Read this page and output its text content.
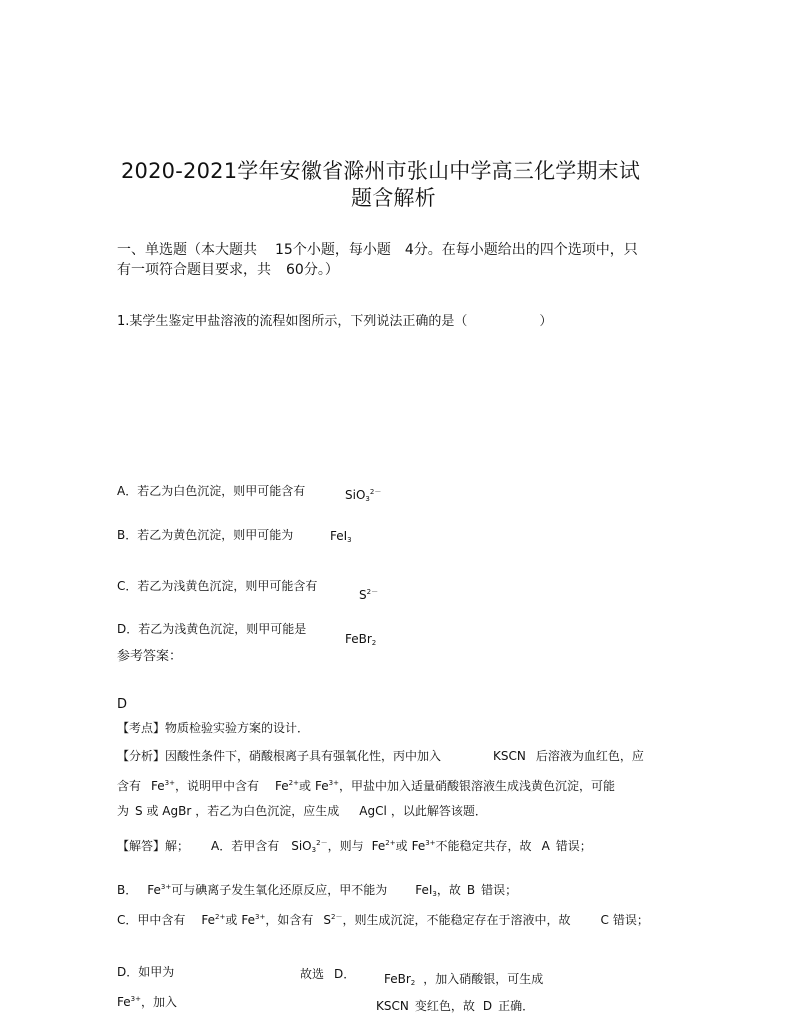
2020-2021学年安徽省滁州市张山中学高三化学期末试
题含解析
一、单选题（本大题共 15个小题，每小题 4分。在每小题给出的四个选项中，只
有一项符合题目要求，共 60分。）
1.某学生鉴定甲盐溶液的流程如图所示，下列说法正确的是（	）
A．若乙为白色沉淀，则甲可能含有	SiO$_3^{2-}$
B．若乙为黄色沉淀，则甲可能为	FeI$_3$
C．若乙为浅黄色沉淀，则甲可能含有
$S^{2-}$
D．若乙为浅黄色沉淀，则甲可能是
FeBr$_2$
参考答案：
D
【考点】物质检验实验方案的设计．
【分析】因酸性条件下，硝酸根离子具有强氧化性，丙中加入	KSCN 后溶液为血红色，应
含有 $Fe^{3+}$，说明甲中含有 $Fe^{2+}$或 $Fe^{3+}$，甲盐中加入适量硝酸银溶液生成浅黄色沉淀，可能
为 S 或 AgBr ，若乙为白色沉淀，应生成 AgCl ，以此解答该题．
【解答】解； A．若甲含有 SiO$_3^{2-}$，则与 $Fe^{2+}$或 $Fe^{3+}$不能稳定共存，故 A 错误；
B． $Fe^{3+}$可与碘离子发生氧化还原反应，甲不能为 FeI$_3$，故 B 错误；
C．甲中含有 $Fe^{2+}$或 $Fe^{3+}$，如含有 $S^{2-}$，则生成沉淀，不能稳定存在于溶液中，故	C 错误；
D．如甲为	故选 D． FeBr$_2$ ，加入硝酸银，可生成
$Fe^{3+}$，加入	KSCN 变红色，故 D 正确．
